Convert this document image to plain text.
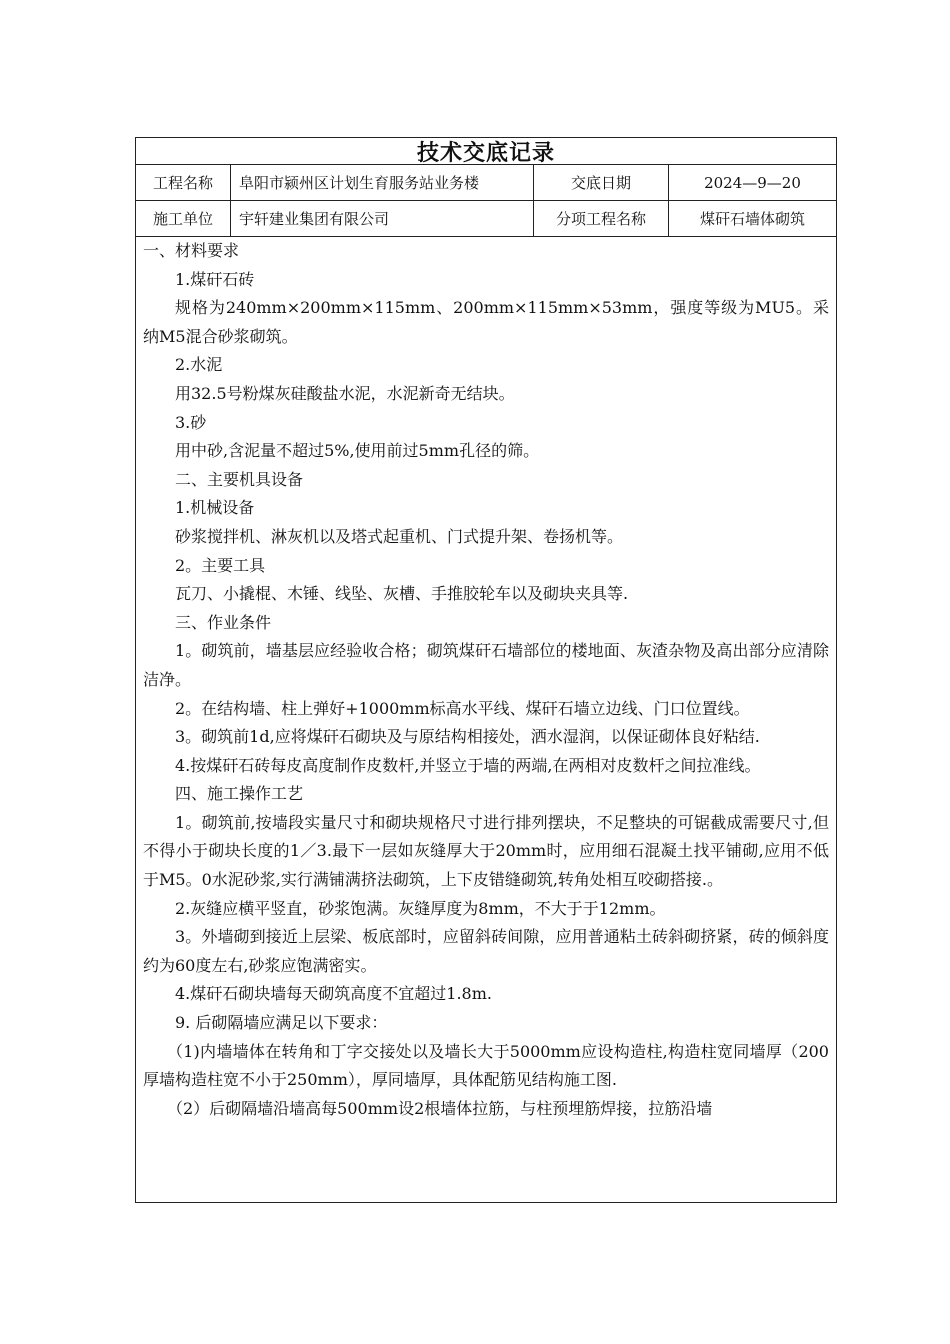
技术交底记录
工程名称	阜阳市颍州区计划生育服务站业务楼	交底日期	2024—9—20
施工单位	宇轩建业集团有限公司	分项工程名称	煤矸石墙体砌筑

一、材料要求

1.煤矸石砖

规格为240mm×200mm×115mm、200mm×115mm×53mm，强度等级为MU5。采纳M5混合砂浆砌筑。

2.水泥

用32.5号粉煤灰硅酸盐水泥，水泥新奇无结块。

3.砂

用中砂,含泥量不超过5%,使用前过5mm孔径的筛。

二、主要机具设备

1.机械设备

砂浆搅拌机、淋灰机以及塔式起重机、门式提升架、卷扬机等。

2。主要工具

瓦刀、小撬棍、木锤、线坠、灰槽、手推胶轮车以及砌块夹具等.

三、作业条件

1。砌筑前，墙基层应经验收合格；砌筑煤矸石墙部位的楼地面、灰渣杂物及高出部分应清除洁净。

2。在结构墙、柱上弹好+1000mm标高水平线、煤矸石墙立边线、门口位置线。

3。砌筑前1d,应将煤矸石砌块及与原结构相接处，洒水湿润，以保证砌体良好粘结.

4.按煤矸石砖每皮高度制作皮数杆,并竖立于墙的两端,在两相对皮数杆之间拉准线。

四、施工操作工艺

1。砌筑前,按墙段实量尺寸和砌块规格尺寸进行排列摆块，不足整块的可锯截成需要尺寸,但不得小于砌块长度的1／3.最下一层如灰缝厚大于20mm时，应用细石混凝土找平铺砌,应用不低于M5。0水泥砂浆,实行满铺满挤法砌筑，上下皮错缝砌筑,转角处相互咬砌搭接.。

2.灰缝应横平竖直，砂浆饱满。灰缝厚度为8mm，不大于于12mm。

3。外墙砌到接近上层梁、板底部时，应留斜砖间隙，应用普通粘土砖斜砌挤紧，砖的倾斜度约为60度左右,砂浆应饱满密实。

4.煤矸石砌块墙每天砌筑高度不宜超过1.8m.

9. 后砌隔墙应满足以下要求：

（1)内墙墙体在转角和丁字交接处以及墙长大于5000mm应设构造柱,构造柱宽同墙厚（200厚墙构造柱宽不小于250mm），厚同墙厚，具体配筋见结构施工图.

（2）后砌隔墙沿墙高每500mm设2根墙体拉筋，与柱预埋筋焊接，拉筋沿墙
